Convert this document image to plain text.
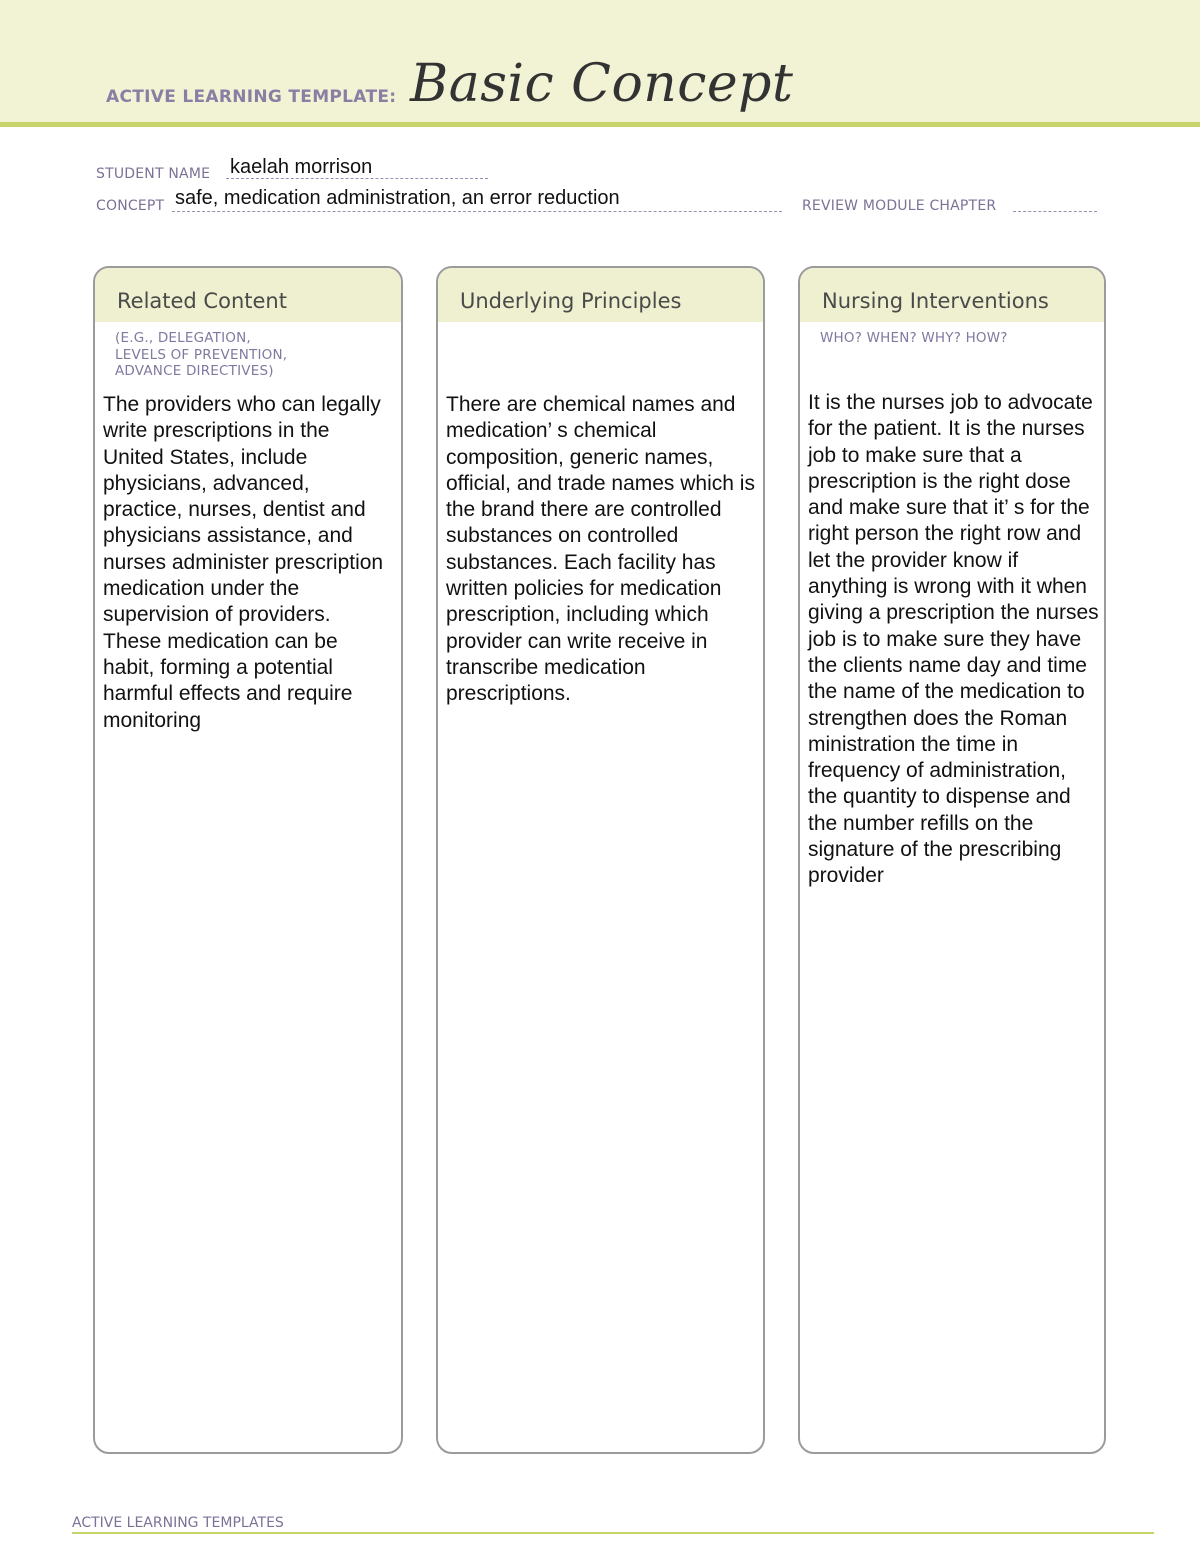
ACTIVE LEARNING TEMPLATE: Basic Concept
STUDENT NAME kaelah morrison
CONCEPT safe, medication administration, an error reduction	REVIEW MODULE CHAPTER
Related Content
(E.G., DELEGATION,
LEVELS OF PREVENTION,
ADVANCE DIRECTIVES)
The providers who can legally write prescriptions in the United States, include physicians, advanced, practice, nurses, dentist and physicians assistance, and nurses administer prescription medication under the supervision of providers. These medication can be habit, forming a potential harmful effects and require monitoring
Underlying Principles
There are chemical names and medication’ s chemical composition, generic names, official, and trade names which is the brand there are controlled substances on controlled substances. Each facility has written policies for medication prescription, including which provider can write receive in transcribe medication prescriptions.
Nursing Interventions
WHO? WHEN? WHY? HOW?
It is the nurses job to advocate for the patient. It is the nurses job to make sure that a prescription is the right dose and make sure that it’ s for the right person the right row and let the provider know if anything is wrong with it when giving a prescription the nurses job is to make sure they have the clients name day and time the name of the medication to strengthen does the Roman ministration the time in frequency of administration, the quantity to dispense and the number refills on the signature of the prescribing provider
ACTIVE LEARNING TEMPLATES
